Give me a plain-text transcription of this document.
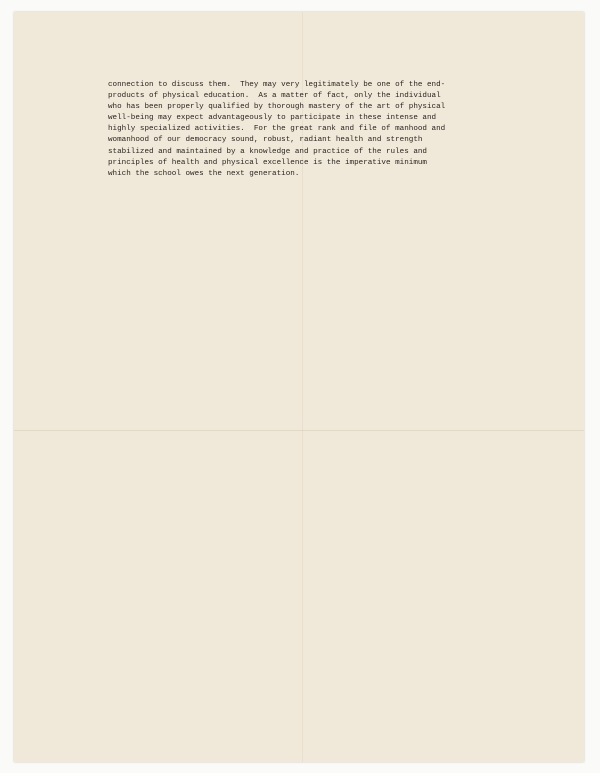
connection to discuss them.  They may very legitimately be one of the end-
products of physical education.  As a matter of fact, only the individual
who has been properly qualified by thorough mastery of the art of physical
well-being may expect advantageously to participate in these intense and
highly specialized activities.  For the great rank and file of manhood and
womanhood of our democracy sound, robust, radiant health and strength
stabilized and maintained by a knowledge and practice of the rules and
principles of health and physical excellence is the imperative minimum
which the school owes the next generation.
